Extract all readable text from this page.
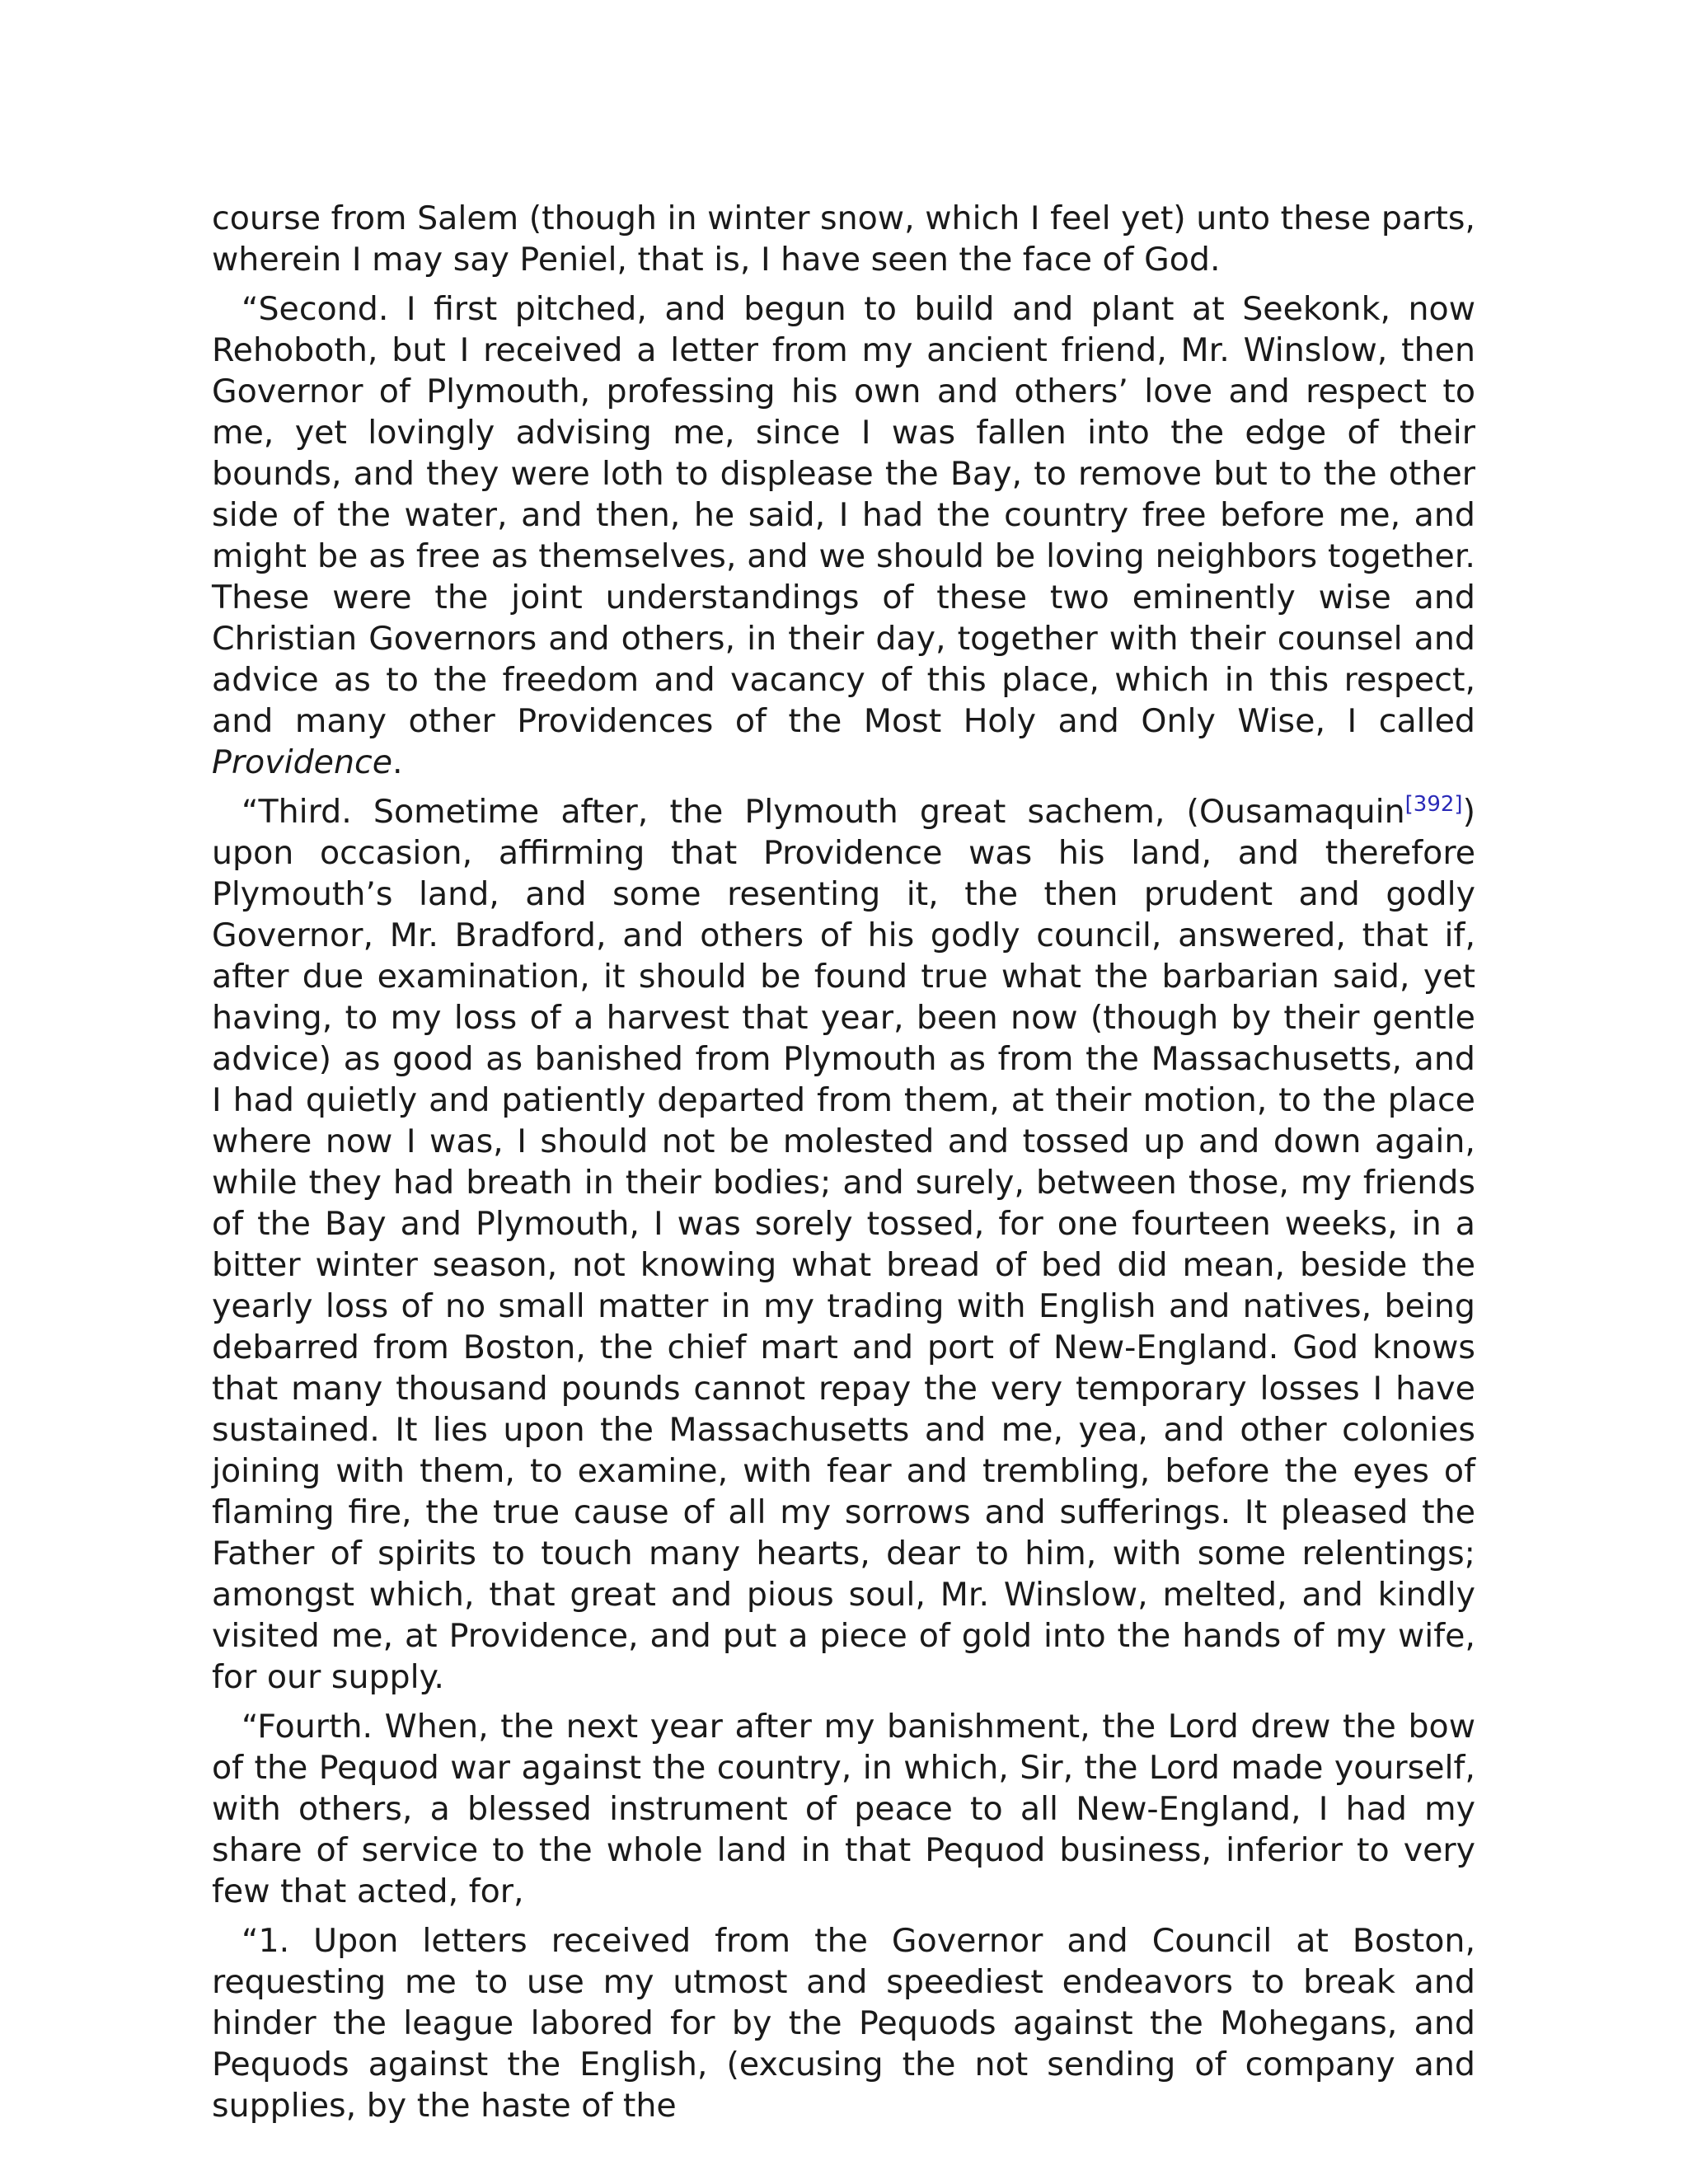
course from Salem (though in winter snow, which I feel yet) unto these parts, wherein I may say Peniel, that is, I have seen the face of God.

“Second. I first pitched, and begun to build and plant at Seekonk, now Rehoboth, but I received a letter from my ancient friend, Mr. Winslow, then Governor of Plymouth, professing his own and others’ love and respect to me, yet lovingly advising me, since I was fallen into the edge of their bounds, and they were loth to displease the Bay, to remove but to the other side of the water, and then, he said, I had the country free before me, and might be as free as themselves, and we should be loving neighbors together. These were the joint understandings of these two eminently wise and Christian Governors and others, in their day, together with their counsel and advice as to the freedom and vacancy of this place, which in this respect, and many other Providences of the Most Holy and Only Wise, I called Providence.

“Third. Sometime after, the Plymouth great sachem, (Ousamaquin[392]) upon occasion, affirming that Providence was his land, and therefore Plymouth’s land, and some resenting it, the then prudent and godly Governor, Mr. Bradford, and others of his godly council, answered, that if, after due examination, it should be found true what the barbarian said, yet having, to my loss of a harvest that year, been now (though by their gentle advice) as good as banished from Plymouth as from the Massachusetts, and I had quietly and patiently departed from them, at their motion, to the place where now I was, I should not be molested and tossed up and down again, while they had breath in their bodies; and surely, between those, my friends of the Bay and Plymouth, I was sorely tossed, for one fourteen weeks, in a bitter winter season, not knowing what bread of bed did mean, beside the yearly loss of no small matter in my trading with English and natives, being debarred from Boston, the chief mart and port of New-England. God knows that many thousand pounds cannot repay the very temporary losses I have sustained. It lies upon the Massachusetts and me, yea, and other colonies joining with them, to examine, with fear and trembling, before the eyes of flaming fire, the true cause of all my sorrows and sufferings. It pleased the Father of spirits to touch many hearts, dear to him, with some relentings; amongst which, that great and pious soul, Mr. Winslow, melted, and kindly visited me, at Providence, and put a piece of gold into the hands of my wife, for our supply.

“Fourth. When, the next year after my banishment, the Lord drew the bow of the Pequod war against the country, in which, Sir, the Lord made yourself, with others, a blessed instrument of peace to all New-England, I had my share of service to the whole land in that Pequod business, inferior to very few that acted, for,

“1. Upon letters received from the Governor and Council at Boston, requesting me to use my utmost and speediest endeavors to break and hinder the league labored for by the Pequods against the Mohegans, and Pequods against the English, (excusing the not sending of company and supplies, by the haste of the
